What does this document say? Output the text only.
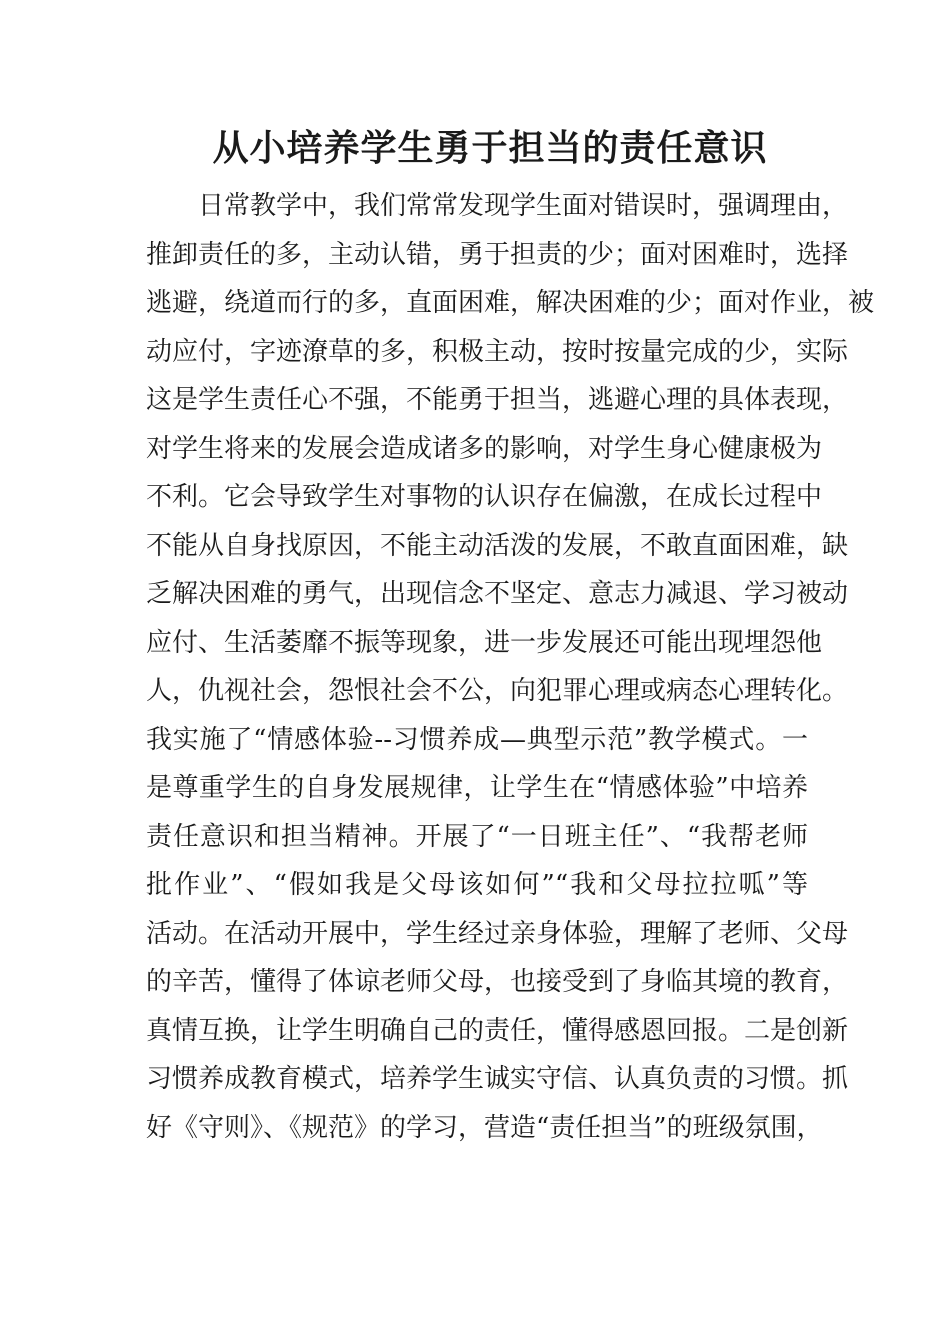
从小培养学生勇于担当的责任意识
日常教学中，我们常常发现学生面对错误时，强调理由，
推卸责任的多，主动认错，勇于担责的少；面对困难时，选择
逃避，绕道而行的多，直面困难，解决困难的少；面对作业，被
动应付，字迹潦草的多，积极主动，按时按量完成的少，实际
这是学生责任心不强，不能勇于担当，逃避心理的具体表现，
对学生将来的发展会造成诸多的影响，对学生身心健康极为
不利。它会导致学生对事物的认识存在偏激，在成长过程中
不能从自身找原因，不能主动活泼的发展，不敢直面困难，缺
乏解决困难的勇气，出现信念不坚定、意志力减退、学习被动
应付、生活萎靡不振等现象，进一步发展还可能出现埋怨他
人，仇视社会，怨恨社会不公，向犯罪心理或病态心理转化。
我实施了“情感体验--习惯养成—典型示范”教学模式。一
是尊重学生的自身发展规律，让学生在“情感体验”中培养
责任意识和担当精神。开展了“一日班主任”、“我帮老师
批作业”、“假如我是父母该如何”“我和父母拉拉呱”等
活动。在活动开展中，学生经过亲身体验，理解了老师、父母
的辛苦，懂得了体谅老师父母，也接受到了身临其境的教育，
真情互换，让学生明确自己的责任，懂得感恩回报。二是创新
习惯养成教育模式，培养学生诚实守信、认真负责的习惯。抓
好《守则》、《规范》的学习，营造“责任担当”的班级氛围，
